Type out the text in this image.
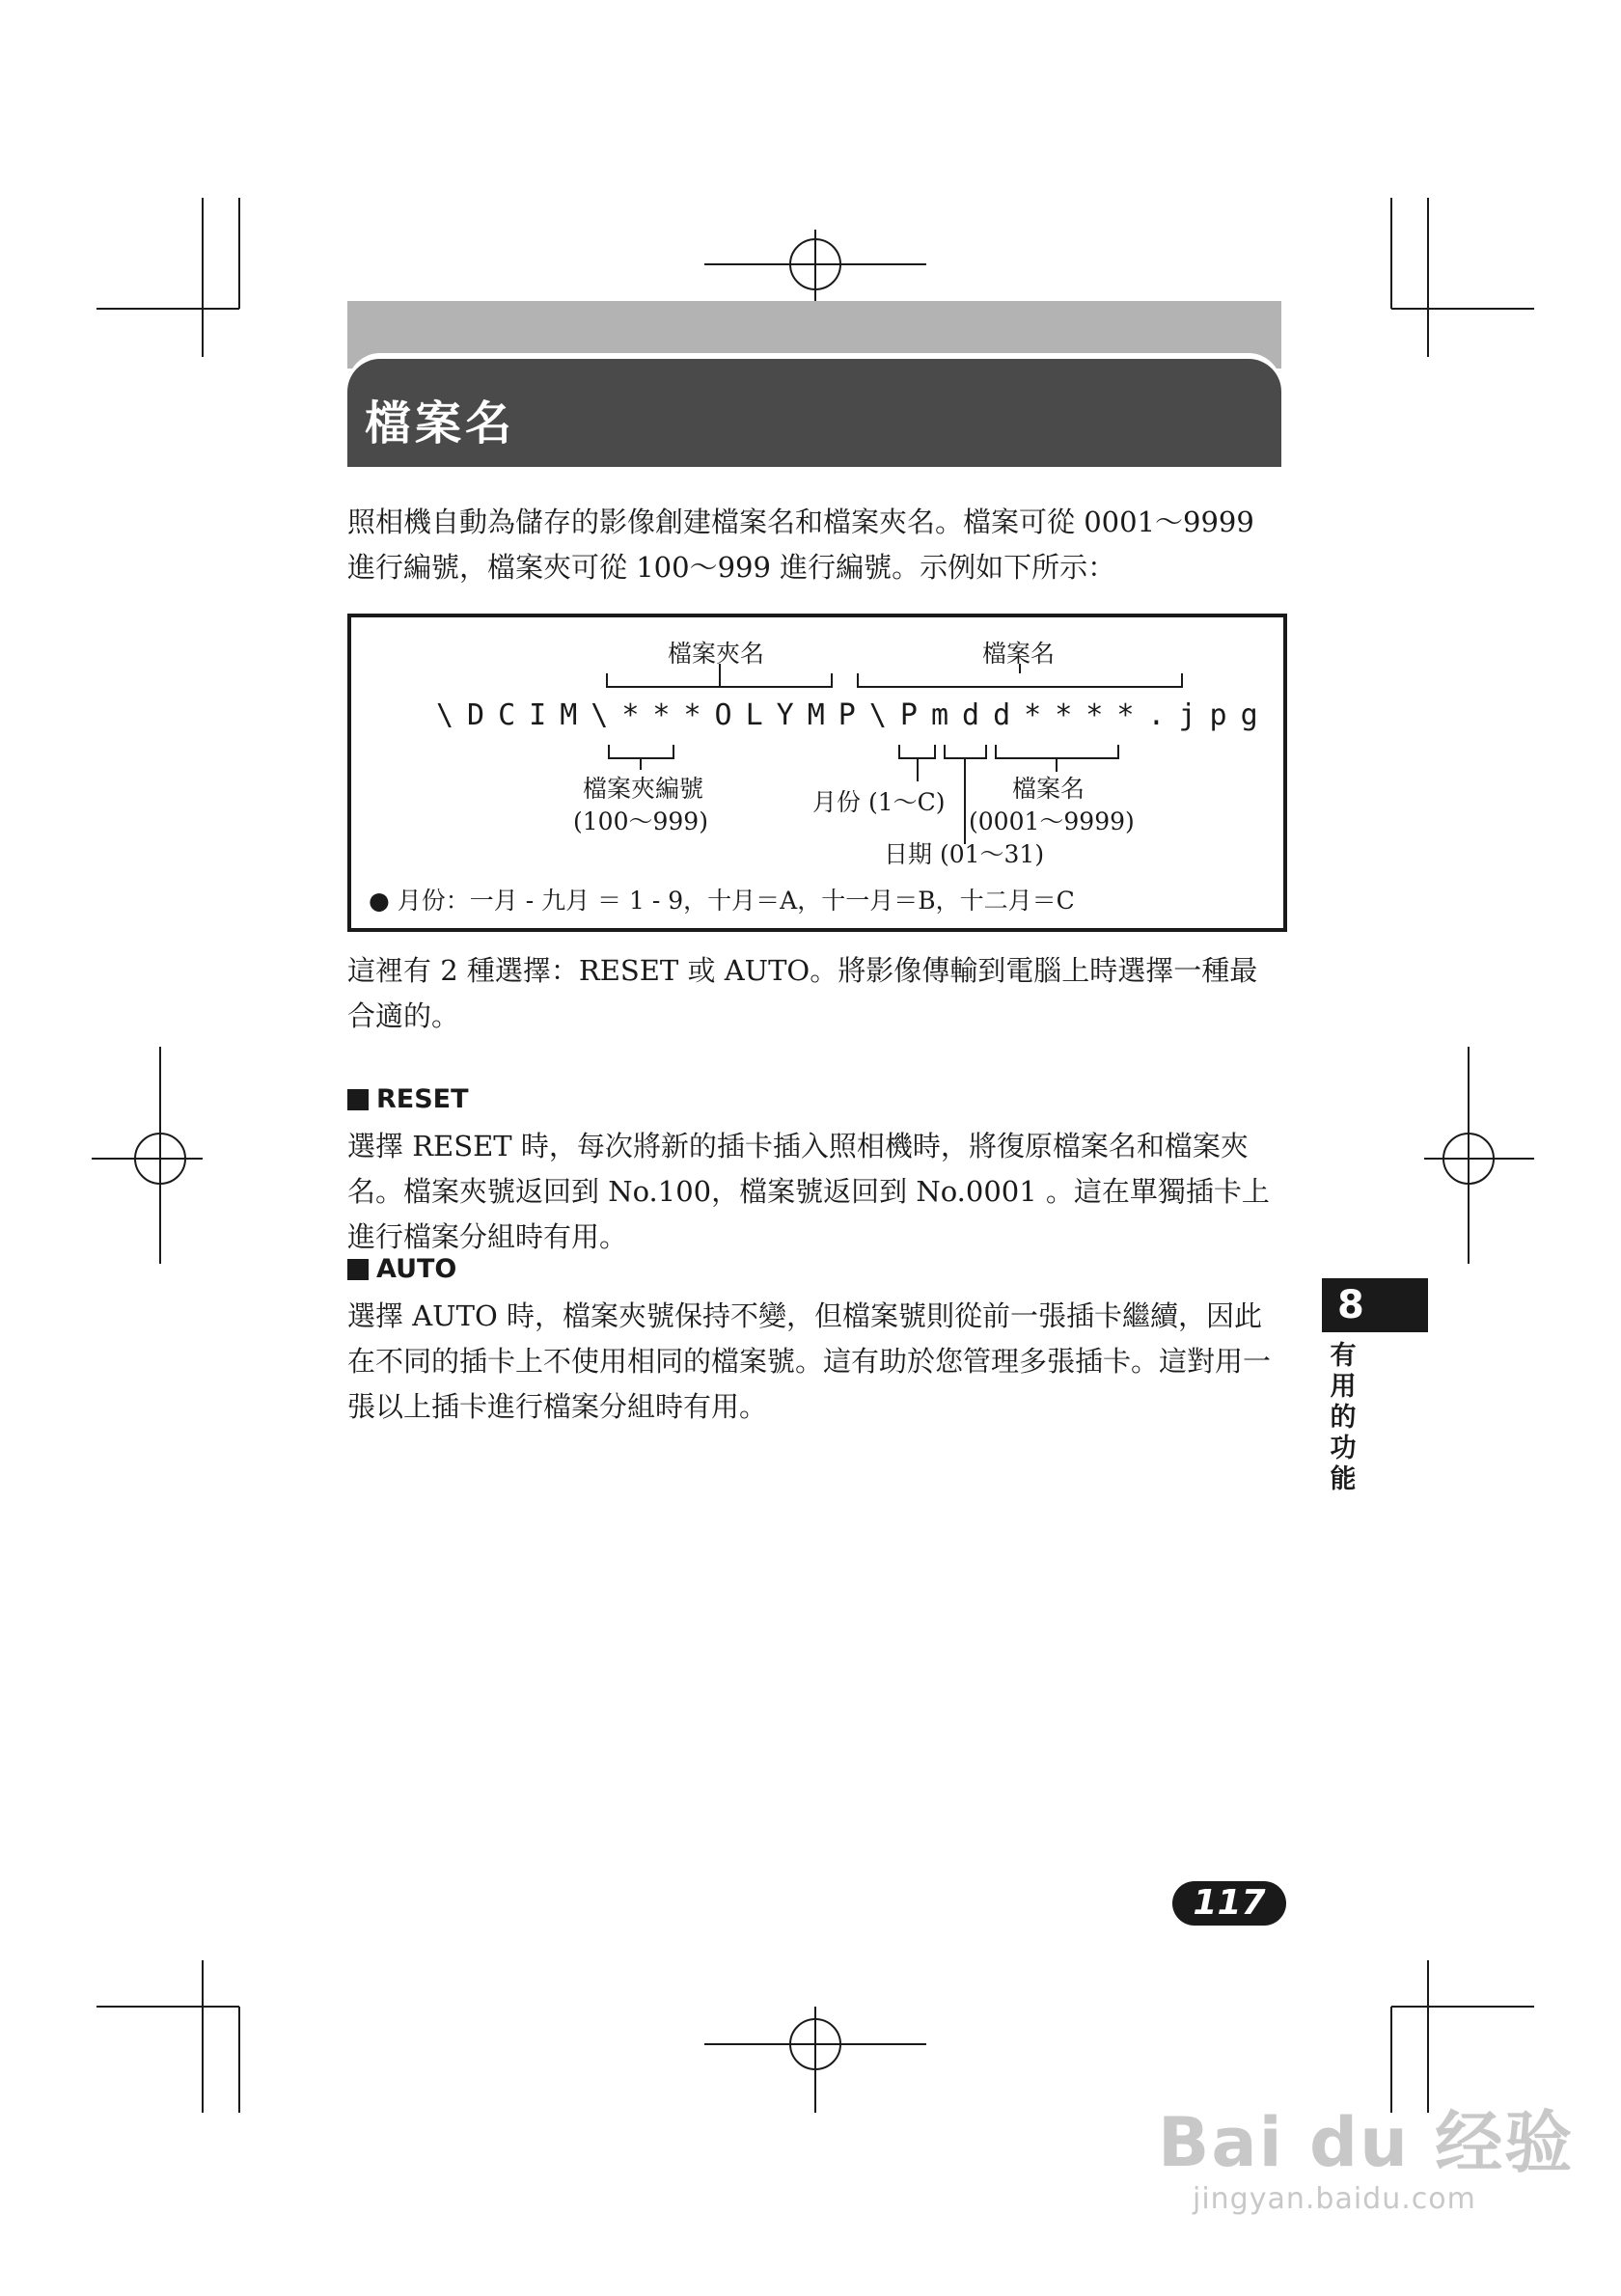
檔案名
照相機自動為儲存的影像創建檔案名和檔案夾名。檔案可從 0001～9999 進行編號，檔案夾可從 100～999 進行編號。示例如下所示：
檔案夾名	檔案名
\DCIM\***OLYMP\Pmdd****.jpg
檔案夾編號
(100～999)
月份 (1～C)	檔案名
(0001～9999)
日期 (01～31)
● 月份：一月 - 九月 ＝ 1 - 9，十月＝A，十一月＝B，十二月＝C
這裡有 2 種選擇：RESET 或 AUTO。將影像傳輸到電腦上時選擇一種最合適的。
RESET
選擇 RESET 時，每次將新的插卡插入照相機時，將復原檔案名和檔案夾名。檔案夾號返回到 No.100，檔案號返回到 No.0001 。這在單獨插卡上進行檔案分組時有用。
AUTO
選擇 AUTO 時，檔案夾號保持不變，但檔案號則從前一張插卡繼續，因此在不同的插卡上不使用相同的檔案號。這有助於您管理多張插卡。這對用一張以上插卡進行檔案分組時有用。
8
有用的功能
117
Bai du 经验
jingyan.baidu.com
